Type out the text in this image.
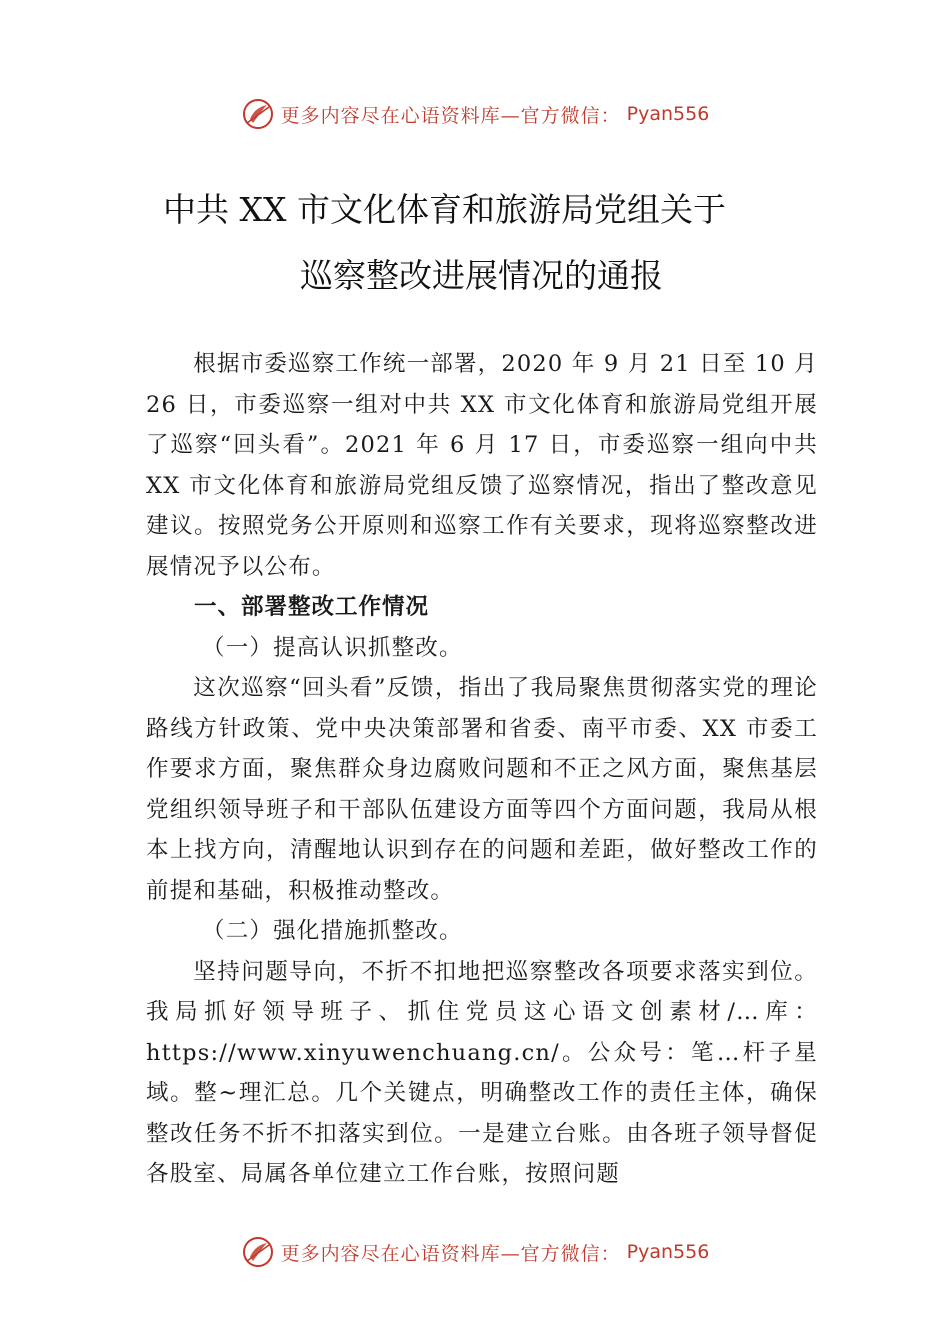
更多内容尽在心语资料库—官方微信： Pyan556
中共 XX 市文化体育和旅游局党组关于
巡察整改进展情况的通报

根据市委巡察工作统一部署，2020 年 9 月 21 日至 10 月26 日，市委巡察一组对中共 XX 市文化体育和旅游局党组开展了巡察“回头看”。2021 年 6 月 17 日，市委巡察一组向中共 XX 市文化体育和旅游局党组反馈了巡察情况，指出了整改意见建议。按照党务公开原则和巡察工作有关要求，现将巡察整改进展情况予以公布。

一、部署整改工作情况

（一）提高认识抓整改。

这次巡察“回头看”反馈，指出了我局聚焦贯彻落实党的理论路线方针政策、党中央决策部署和省委、南平市委、XX 市委工作要求方面，聚焦群众身边腐败问题和不正之风方面，聚焦基层党组织领导班子和干部队伍建设方面等四个方面问题，我局从根本上找方向，清醒地认识到存在的问题和差距，做好整改工作的前提和基础，积极推动整改。

（二）强化措施抓整改。

坚持问题导向，不折不扣地把巡察整改各项要求落实到位。我局抓好领导班子、抓住党员这心语文创素材/…库：https://www.xinyuwenchuang.cn/。公众号：笔…杆子星域。整~理汇总。几个关键点，明确整改工作的责任主体，确保整改任务不折不扣落实到位。一是建立台账。由各班子领导督促各股室、局属各单位建立工作台账，按照问题

更多内容尽在心语资料库—官方微信： Pyan556
